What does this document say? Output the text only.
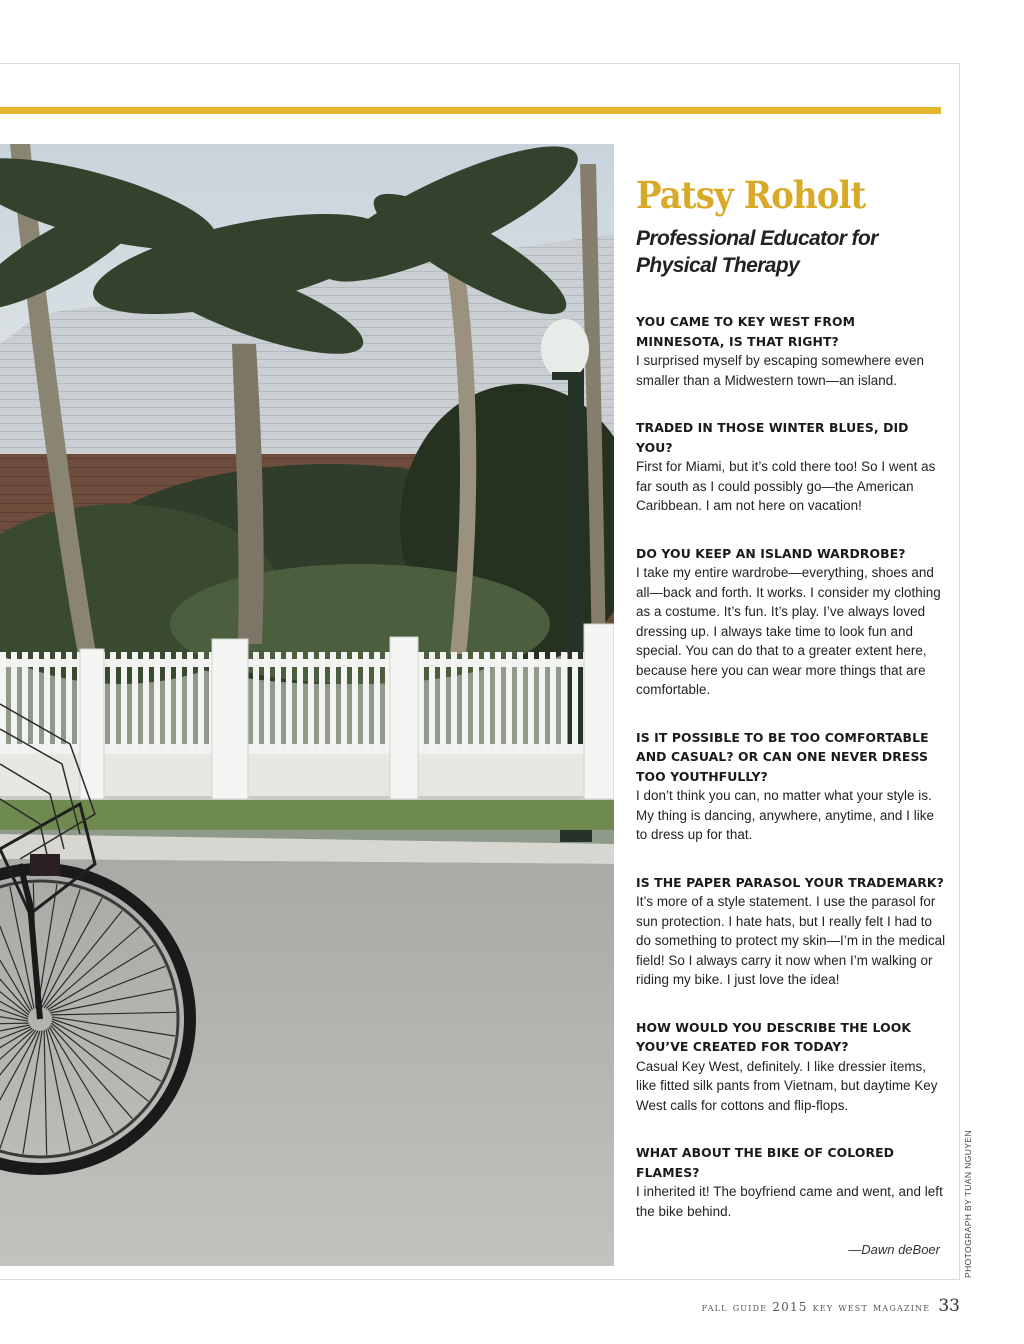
Patsy Roholt
Professional Educator for Physical Therapy

YOU CAME TO KEY WEST FROM MINNESOTA, IS THAT RIGHT?

I surprised myself by escaping somewhere even smaller than a Midwestern town—an island.

TRADED IN THOSE WINTER BLUES, DID YOU?

First for Miami, but it’s cold there too! So I went as far south as I could possibly go—the American Caribbean. I am not here on vacation!

DO YOU KEEP AN ISLAND WARDROBE?

I take my entire wardrobe—everything, shoes and all—back and forth. It works. I consider my clothing as a costume. It’s fun. It’s play. I’ve always loved dressing up. I always take time to look fun and special. You can do that to a greater extent here, because here you can wear more things that are comfortable.

IS IT POSSIBLE TO BE TOO COMFORTABLE AND CASUAL? OR CAN ONE NEVER DRESS TOO YOUTHFULLY?

I don’t think you can, no matter what your style is. My thing is dancing, anywhere, anytime, and I like to dress up for that.

IS THE PAPER PARASOL YOUR TRADEMARK?

It’s more of a style statement. I use the parasol for sun protection. I hate hats, but I really felt I had to do something to protect my skin—I’m in the medical field! So I always carry it now when I’m walking or riding my bike. I just love the idea!

HOW WOULD YOU DESCRIBE THE LOOK YOU’VE CREATED FOR TODAY?

Casual Key West, definitely. I like dressier items, like fitted silk pants from Vietnam, but daytime Key West calls for cottons and flip-flops.

WHAT ABOUT THE BIKE OF COLORED FLAMES?

I inherited it! The boyfriend came and went, and left the bike behind.

—Dawn deBoer	PHOTOGRAPH BY TUAN NGUYEN
fall guide 2015 key west magazine 33
